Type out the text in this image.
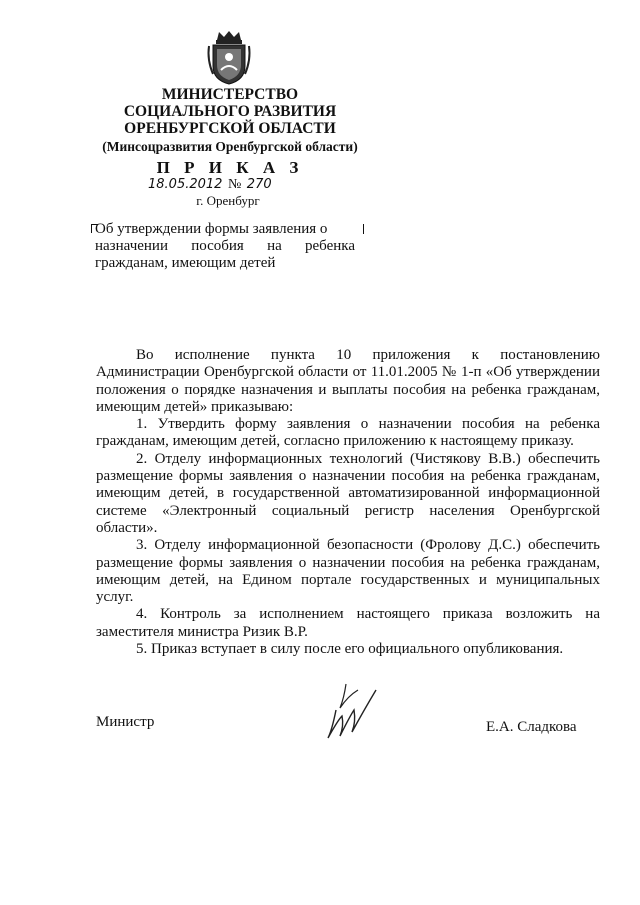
МИНИСТЕРСТВО
СОЦИАЛЬНОГО РАЗВИТИЯ
ОРЕНБУРГСКОЙ ОБЛАСТИ
(Минсоцразвития Оренбургской области)
П Р И К А З
18.05.2012 № 270
г. Оренбург
Об утверждении формы заявления о
назначении пособия на ребенка
гражданам, имеющим детей

Во исполнение пункта 10 приложения к постановлению Администрации Оренбургской области от 11.01.2005 № 1-п «Об утверждении положения о порядке назначения и выплаты пособия на ребенка гражданам, имеющим детей» приказываю:

1. Утвердить форму заявления о назначении пособия на ребенка гражданам, имеющим детей, согласно приложению к настоящему приказу.

2. Отделу информационных технологий (Чистякову В.В.) обеспечить размещение формы заявления о назначении пособия на ребенка гражданам, имеющим детей, в государственной автоматизированной информационной системе «Электронный социальный регистр населения Оренбургской области».

3. Отделу информационной безопасности (Фролову Д.С.) обеспечить размещение формы заявления о назначении пособия на ребенка гражданам, имеющим детей, на Едином портале государственных и муниципальных услуг.

4. Контроль за исполнением настоящего приказа возложить на заместителя министра Ризик В.Р.

5. Приказ вступает в силу после его официального опубликования.

Министр	Е.А. Сладкова
